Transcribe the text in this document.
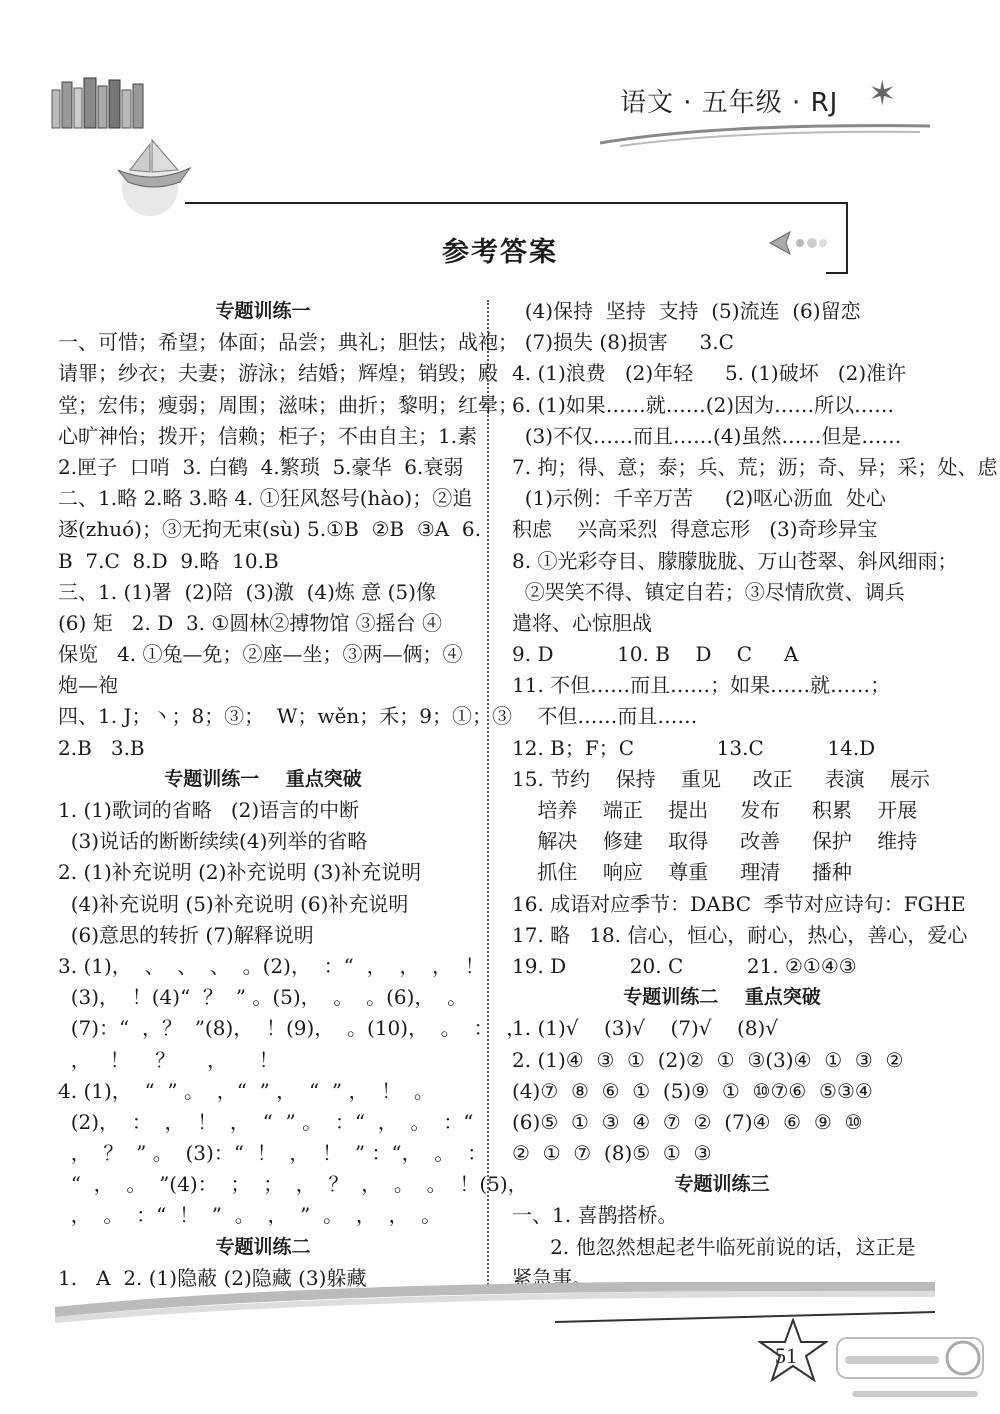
语文 · 五年级 · RJ ✶
参考答案
专题训练一
一、可惜；希望；体面；品尝；典礼；胆怯；战袍；
请罪；纱衣；夫妻；游泳；结婚；辉煌；销毁；殿
堂；宏伟；瘦弱；周围；滋味；曲折；黎明；红晕；
心旷神怡；拨开；信赖；柜子；不由自主；1.素
2.匣子  口哨  3. 白鹤  4.繁琐  5.豪华  6.衰弱
二、1.略 2.略 3.略 4. ①狂风怒号(hào)；②追
逐(zhuó)；③无拘无束(sù) 5.①B  ②B  ③A  6.
B  7.C  8.D  9.略  10.B
三、1. (1)署  (2)陪  (3)激  (4)炼 意 (5)像
(6) 矩   2. D  3. ①圆林②搏物馆 ③摇台 ④
保览   4. ①兔—免；②座—坐；③两—俩；④
炮—袍
四、1. J；丶；8；③；  W；wěn；禾；9；①；③
2.B   3.B
专题训练一    重点突破
1. (1)歌词的省略   (2)语言的中断
(3)说话的断断续续(4)列举的省略
2. (1)补充说明 (2)补充说明 (3)补充说明
(4)补充说明 (5)补充说明 (6)补充说明
(6)意思的转折 (7)解释说明
3. (1)，  、  、  、  。(2)，  ：“  ，  ，  ，  ！
(3)，  ！(4)“  ？  ” 。(5)，  。  。(6)，  。
(7)：“  ，？  ”(8)，  ！(9)，  。(10)，  。  ：  ，
，   ！    ？     ，     ！
4. (1)，  “  ” 。  ，“  ” ，  “  ” ，  ！  。
(2)，  ：  ，  ！  ，  “  ” 。  ：“  ，  。  ：“
，  ？  ” 。  (3)：“  ！  ，  ！  ” ：“，  。  ：
“  ，  。  ”(4)：  ；  ；  ，  ？  ，  。  。  ！(5)，
，  。  ：“  ！  ”  。  ，  ”  。  ，  ，  。
专题训练二
1.   A  2. (1)隐蔽 (2)隐藏 (3)躲藏
(4)保持  坚持  支持  (5)流连  (6)留恋
(7)损失 (8)损害     3.C
4. (1)浪费   (2)年轻     5. (1)破坏   (2)准许
6. (1)如果……就……(2)因为……所以……
(3)不仅……而且……(4)虽然……但是……
7. 拘；得、意；泰；兵、荒；沥；奇、异；采；处、虑
(1)示例：千辛万苦     (2)呕心沥血  处心
积虑    兴高采烈  得意忘形   (3)奇珍异宝
8. ①光彩夺目、朦朦胧胧、万山苍翠、斜风细雨；
②哭笑不得、镇定自若；③尽情欣赏、调兵
遣将、心惊胆战
9. D          10. B    D    C     A
11. 不但……而且……；如果……就……；
不但……而且……
12. B；F；C             13.C          14.D
15. 节约    保持    重见     改正     表演    展示
培养    端正    提出     发布     积累    开展
解决    修建    取得     改善     保护    维持
抓住    响应    尊重     理清     播种
16. 成语对应季节：DABC  季节对应诗句：FGHE
17. 略   18. 信心，恒心，耐心，热心，善心，爱心
19. D          20. C          21. ②①④③
专题训练二    重点突破
1. (1)√    (3)√    (7)√    (8)√
2. (1)④  ③  ①  (2)②  ①  ③(3)④  ①  ③  ②
(4)⑦  ⑧  ⑥  ①  (5)⑨  ①  ⑩⑦⑥  ⑤③④
(6)⑤  ①  ③  ④  ⑦  ②  (7)④  ⑥  ⑨  ⑩
②  ①  ⑦  (8)⑤  ①  ③
专题训练三
一、1. 喜鹊搭桥。
2. 他忽然想起老牛临死前说的话，这正是
紧急事。
51
